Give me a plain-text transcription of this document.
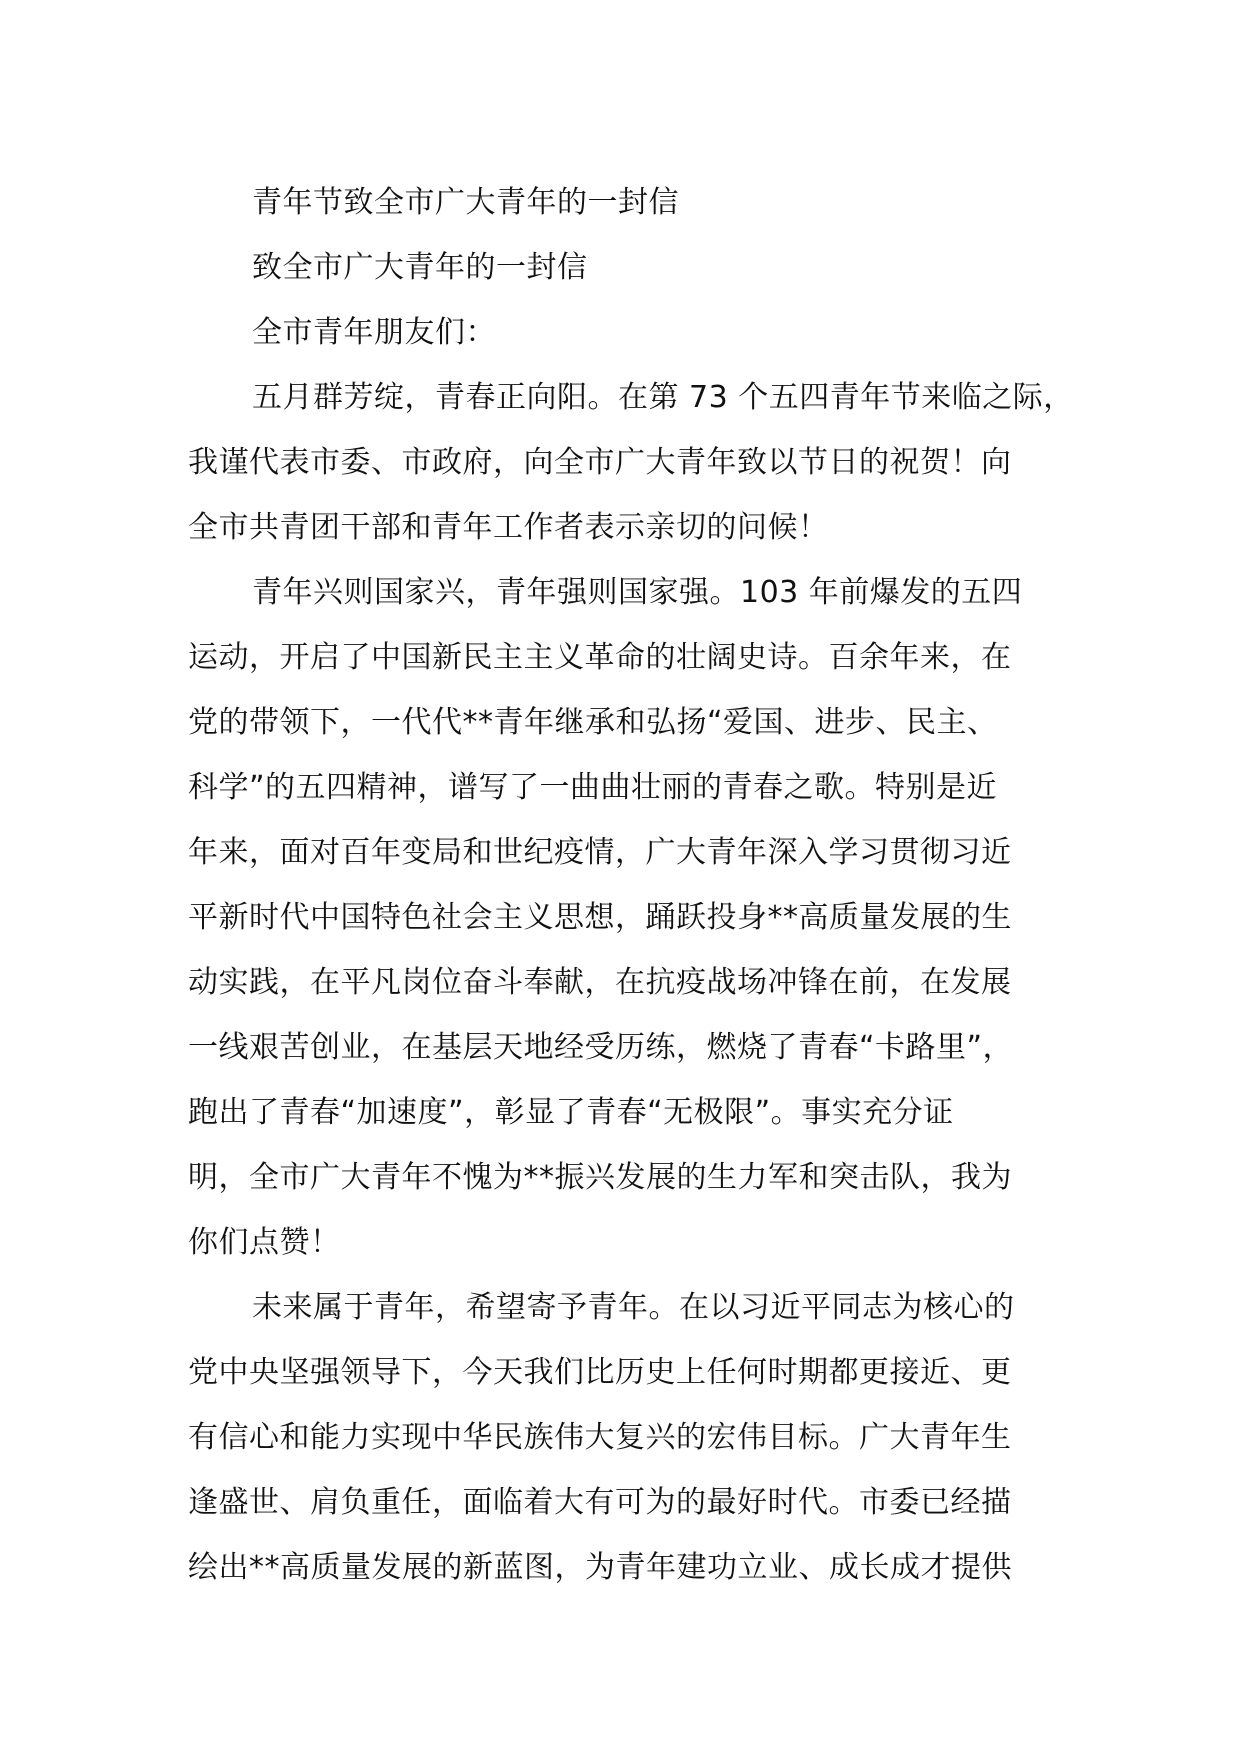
青年节致全市广大青年的一封信
致全市广大青年的一封信
全市青年朋友们：
五月群芳绽，青春正向阳。在第 73 个五四青年节来临之际，
我谨代表市委、市政府，向全市广大青年致以节日的祝贺！向
全市共青团干部和青年工作者表示亲切的问候！
青年兴则国家兴，青年强则国家强。103 年前爆发的五四
运动，开启了中国新民主主义革命的壮阔史诗。百余年来，在
党的带领下，一代代**青年继承和弘扬“爱国、进步、民主、
科学”的五四精神，谱写了一曲曲壮丽的青春之歌。特别是近
年来，面对百年变局和世纪疫情，广大青年深入学习贯彻习近
平新时代中国特色社会主义思想，踊跃投身**高质量发展的生
动实践，在平凡岗位奋斗奉献，在抗疫战场冲锋在前，在发展
一线艰苦创业，在基层天地经受历练，燃烧了青春“卡路里”，
跑出了青春“加速度”，彰显了青春“无极限”。事实充分证
明，全市广大青年不愧为**振兴发展的生力军和突击队，我为
你们点赞！
未来属于青年，希望寄予青年。在以习近平同志为核心的
党中央坚强领导下，今天我们比历史上任何时期都更接近、更
有信心和能力实现中华民族伟大复兴的宏伟目标。广大青年生
逢盛世、肩负重任，面临着大有可为的最好时代。市委已经描
绘出**高质量发展的新蓝图，为青年建功立业、成长成才提供
